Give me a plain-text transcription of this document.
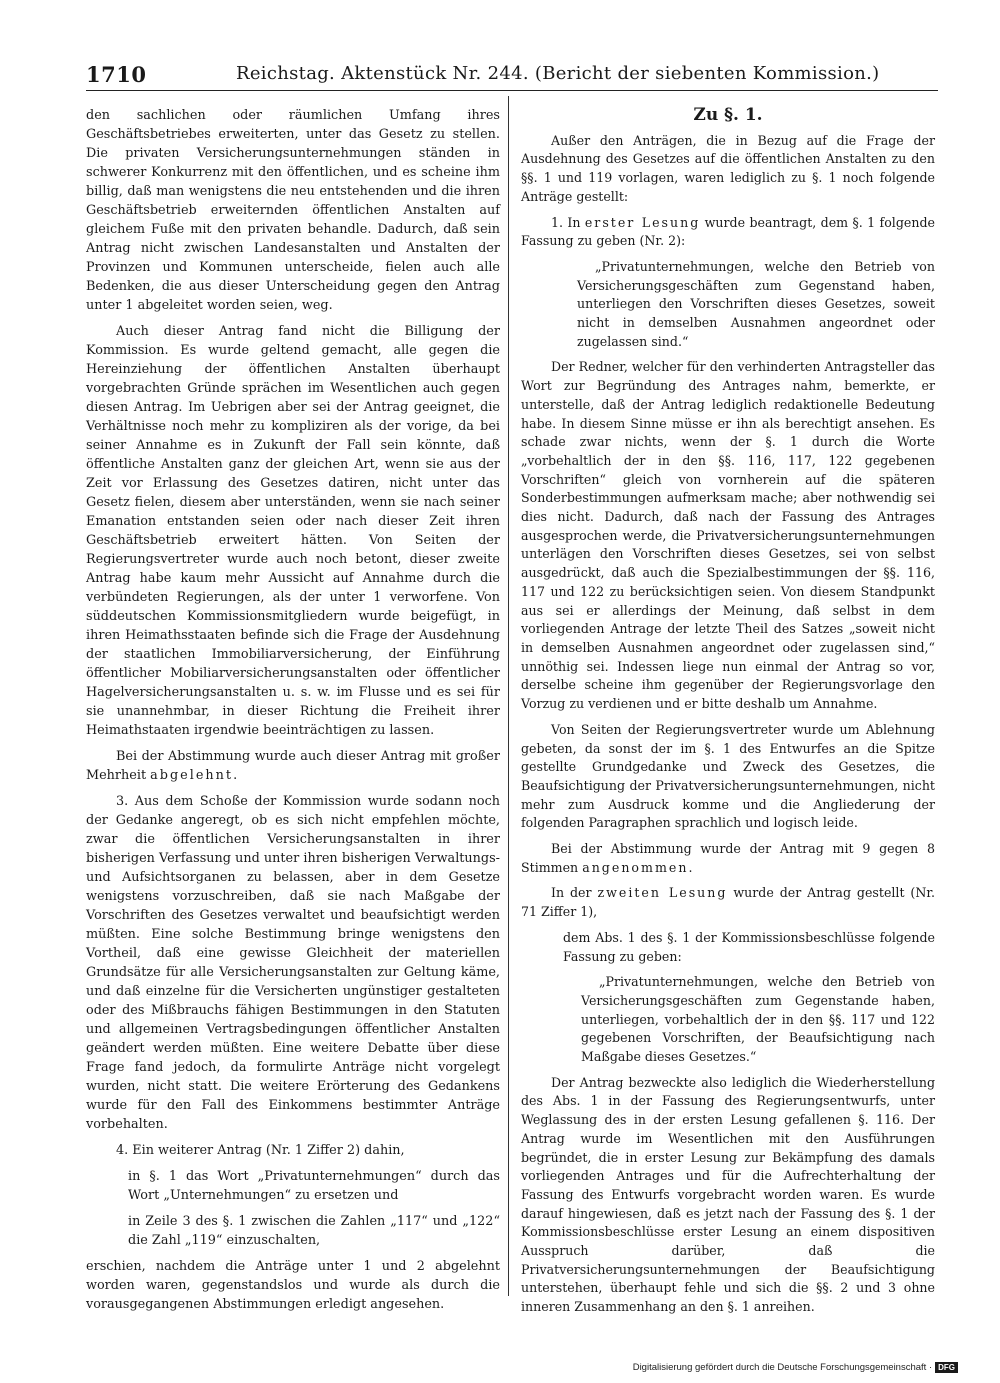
1710	Reichstag. Aktenstück Nr. 244. (Bericht der siebenten Kommission.)

den sachlichen oder räumlichen Umfang ihres Geschäftsbetriebes erweiterten, unter das Gesetz zu stellen. Die privaten Versicherungsunternehmungen ständen in schwerer Konkurrenz mit den öffentlichen, und es scheine ihm billig, daß man wenigstens die neu entstehenden und die ihren Geschäftsbetrieb erweiternden öffentlichen Anstalten auf gleichem Fuße mit den privaten behandle. Dadurch, daß sein Antrag nicht zwischen Landesanstalten und Anstalten der Provinzen und Kommunen unterscheide, fielen auch alle Bedenken, die aus dieser Unterscheidung gegen den Antrag unter 1 abgeleitet worden seien, weg.

Auch dieser Antrag fand nicht die Billigung der Kommission. Es wurde geltend gemacht, alle gegen die Hereinziehung der öffentlichen Anstalten überhaupt vorgebrachten Gründe sprächen im Wesentlichen auch gegen diesen Antrag. Im Uebrigen aber sei der Antrag geeignet, die Verhältnisse noch mehr zu kompliziren als der vorige, da bei seiner Annahme es in Zukunft der Fall sein könnte, daß öffentliche Anstalten ganz der gleichen Art, wenn sie aus der Zeit vor Erlassung des Gesetzes datiren, nicht unter das Gesetz fielen, diesem aber unterständen, wenn sie nach seiner Emanation entstanden seien oder nach dieser Zeit ihren Geschäftsbetrieb erweitert hätten. Von Seiten der Regierungsvertreter wurde auch noch betont, dieser zweite Antrag habe kaum mehr Aussicht auf Annahme durch die verbündeten Regierungen, als der unter 1 verworfene. Von süddeutschen Kommissionsmitgliedern wurde beigefügt, in ihren Heimathsstaaten befinde sich die Frage der Ausdehnung der staatlichen Immobiliarversicherung, der Einführung öffentlicher Mobiliarversicherungsanstalten oder öffentlicher Hagelversicherungsanstalten u. s. w. im Flusse und es sei für sie unannehmbar, in dieser Richtung die Freiheit ihrer Heimathstaaten irgendwie beeinträchtigen zu lassen.

Bei der Abstimmung wurde auch dieser Antrag mit großer Mehrheit abgelehnt.

3. Aus dem Schoße der Kommission wurde sodann noch der Gedanke angeregt, ob es sich nicht empfehlen möchte, zwar die öffentlichen Versicherungsanstalten in ihrer bisherigen Verfassung und unter ihren bisherigen Verwaltungs- und Aufsichtsorganen zu belassen, aber in dem Gesetze wenigstens vorzuschreiben, daß sie nach Maßgabe der Vorschriften des Gesetzes verwaltet und beaufsichtigt werden müßten. Eine solche Bestimmung bringe wenigstens den Vortheil, daß eine gewisse Gleichheit der materiellen Grundsätze für alle Versicherungsanstalten zur Geltung käme, und daß einzelne für die Versicherten ungünstiger gestalteten oder des Mißbrauchs fähigen Bestimmungen in den Statuten und allgemeinen Vertragsbedingungen öffentlicher Anstalten geändert werden müßten. Eine weitere Debatte über diese Frage fand jedoch, da formulirte Anträge nicht vorgelegt wurden, nicht statt. Die weitere Erörterung des Gedankens wurde für den Fall des Einkommens bestimmter Anträge vorbehalten.

4. Ein weiterer Antrag (Nr. 1 Ziffer 2) dahin,

in §. 1 das Wort „Privatunternehmungen“ durch das Wort „Unternehmungen“ zu ersetzen und

in Zeile 3 des §. 1 zwischen die Zahlen „117“ und „122“ die Zahl „119“ einzuschalten,

erschien, nachdem die Anträge unter 1 und 2 abgelehnt worden waren, gegenstandslos und wurde als durch die vorausgegangenen Abstimmungen erledigt angesehen.

Zu §. 1.

Außer den Anträgen, die in Bezug auf die Frage der Ausdehnung des Gesetzes auf die öffentlichen Anstalten zu den §§. 1 und 119 vorlagen, waren lediglich zu §. 1 noch folgende Anträge gestellt:

1. In erster Lesung wurde beantragt, dem §. 1 folgende Fassung zu geben (Nr. 2):

„Privatunternehmungen, welche den Betrieb von Versicherungsgeschäften zum Gegenstand haben, unterliegen den Vorschriften dieses Gesetzes, soweit nicht in demselben Ausnahmen angeordnet oder zugelassen sind.“

Der Redner, welcher für den verhinderten Antragsteller das Wort zur Begründung des Antrages nahm, bemerkte, er unterstelle, daß der Antrag lediglich redaktionelle Bedeutung habe. In diesem Sinne müsse er ihn als berechtigt ansehen. Es schade zwar nichts, wenn der §. 1 durch die Worte „vorbehaltlich der in den §§. 116, 117, 122 gegebenen Vorschriften“ gleich von vornherein auf die späteren Sonderbestimmungen aufmerksam mache; aber nothwendig sei dies nicht. Dadurch, daß nach der Fassung des Antrages ausgesprochen werde, die Privatversicherungsunternehmungen unterlägen den Vorschriften dieses Gesetzes, sei von selbst ausgedrückt, daß auch die Spezialbestimmungen der §§. 116, 117 und 122 zu berücksichtigen seien. Von diesem Standpunkt aus sei er allerdings der Meinung, daß selbst in dem vorliegenden Antrage der letzte Theil des Satzes „soweit nicht in demselben Ausnahmen angeordnet oder zugelassen sind,“ unnöthig sei. Indessen liege nun einmal der Antrag so vor, derselbe scheine ihm gegenüber der Regierungsvorlage den Vorzug zu verdienen und er bitte deshalb um Annahme.

Von Seiten der Regierungsvertreter wurde um Ablehnung gebeten, da sonst der im §. 1 des Entwurfes an die Spitze gestellte Grundgedanke und Zweck des Gesetzes, die Beaufsichtigung der Privatversicherungsunternehmungen, nicht mehr zum Ausdruck komme und die Angliederung der folgenden Paragraphen sprachlich und logisch leide.

Bei der Abstimmung wurde der Antrag mit 9 gegen 8 Stimmen angenommen.

In der zweiten Lesung wurde der Antrag gestellt (Nr. 71 Ziffer 1),

dem Abs. 1 des §. 1 der Kommissionsbeschlüsse folgende Fassung zu geben:

„Privatunternehmungen, welche den Betrieb von Versicherungsgeschäften zum Gegenstande haben, unterliegen, vorbehaltlich der in den §§. 117 und 122 gegebenen Vorschriften, der Beaufsichtigung nach Maßgabe dieses Gesetzes.“

Der Antrag bezweckte also lediglich die Wiederherstellung des Abs. 1 in der Fassung des Regierungsentwurfs, unter Weglassung des in der ersten Lesung gefallenen §. 116. Der Antrag wurde im Wesentlichen mit den Ausführungen begründet, die in erster Lesung zur Bekämpfung des damals vorliegenden Antrages und für die Aufrechterhaltung der Fassung des Entwurfs vorgebracht worden waren. Es wurde darauf hingewiesen, daß es jetzt nach der Fassung des §. 1 der Kommissionsbeschlüsse erster Lesung an einem dispositiven Ausspruch darüber, daß die Privatversicherungsunternehmungen der Beaufsichtigung unterstehen, überhaupt fehle und sich die §§. 2 und 3 ohne inneren Zusammenhang an den §. 1 anreihen.

Digitalisierung gefördert durch die Deutsche Forschungsgemeinschaft · DFG
